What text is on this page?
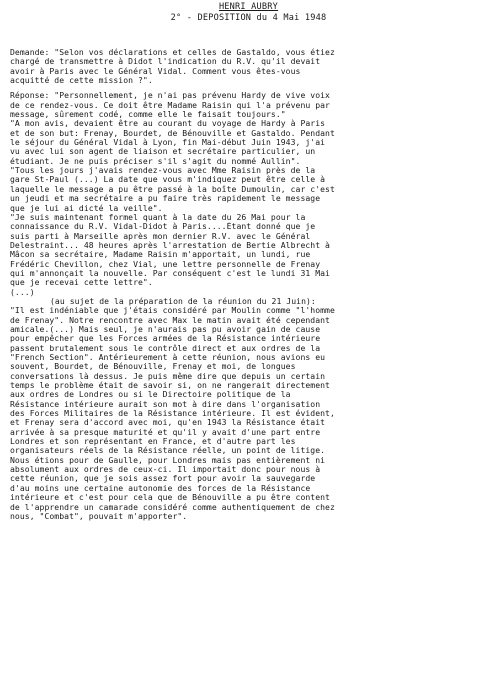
HENRI AUBRY
2° - DEPOSITION du 4 Mai 1948
Demande: "Selon vos déclarations et celles de Gastaldo, vous étiez
chargé de transmettre à Didot l'indication du R.V. qu'il devait
avoir à Paris avec le Général Vidal. Comment vous êtes-vous
acquitté de cette mission ?".
Réponse: "Personnellement, je n'ai pas prévenu Hardy de vive voix
de ce rendez-vous. Ce doit être Madame Raisin qui l'a prévenu par
message, sûrement codé, comme elle le faisait toujours."
"A mon avis, devaient être au courant du voyage de Hardy à Paris
et de son but: Frenay, Bourdet, de Bénouville et Gastaldo. Pendant
le séjour du Général Vidal à Lyon, fin Mai-début Juin 1943, j'ai
vu avec lui son agent de liaison et secrétaire particulier, un
étudiant. Je ne puis préciser s'il s'agit du nommé Aullin".
"Tous les jours j'avais rendez-vous avec Mme Raisin près de la
gare St-Paul (...) La date que vous m'indiquez peut être celle à
laquelle le message a pu être passé à la boîte Dumoulin, car c'est
un jeudi et ma secrétaire a pu faire très rapidement le message
que je lui ai dicté la veille".
"Je suis maintenant formel quant à la date du 26 Mai pour la
connaissance du R.V. Vidal-Didot à Paris....Étant donné que je
suis parti à Marseille après mon dernier R.V. avec le Général
Delestraint... 48 heures après l'arrestation de Bertie Albrecht à
Mâcon sa secrétaire, Madame Raisin m'apportait, un lundi, rue
Frédéric Chevillon, chez Vial, une lettre personnelle de Frenay
qui m'annonçait la nouvelle. Par conséquent c'est le lundi 31 Mai
que je recevai cette lettre".
(...)
(au sujet de la préparation de la réunion du 21 Juin):
"Il est indéniable que j'étais considéré par Moulin comme "l'homme
de Frenay". Notre rencontre avec Max le matin avait été cependant
amicale.(...) Mais seul, je n'aurais pas pu avoir gain de cause
pour empêcher que les Forces armées de la Résistance intérieure
passent brutalement sous le contrôle direct et aux ordres de la
"French Section". Antérieurement à cette réunion, nous avions eu
souvent, Bourdet, de Bénouville, Frenay et moi, de longues
conversations là dessus. Je puis même dire que depuis un certain
temps le problème était de savoir si, on ne rangerait directement
aux ordres de Londres ou si le Directoire politique de la
Résistance intérieure aurait son mot à dire dans l'organisation
des Forces Militaires de la Résistance intérieure. Il est évident,
et Frenay sera d'accord avec moi, qu'en 1943 la Résistance était
arrivée à sa presque maturité et qu'il y avait d'une part entre
Londres et son représentant en France, et d'autre part les
organisateurs réels de la Résistance réelle, un point de litige.
Nous étions pour de Gaulle, pour Londres mais pas entièrement ni
absolument aux ordres de ceux-ci. Il importait donc pour nous à
cette réunion, que je sois assez fort pour avoir la sauvegarde
d'au moins une certaine autonomie des forces de la Résistance
intérieure et c'est pour cela que de Bénouville a pu être content
de l'apprendre un camarade considéré comme authentiquement de chez
nous, "Combat", pouvait m'apporter".
